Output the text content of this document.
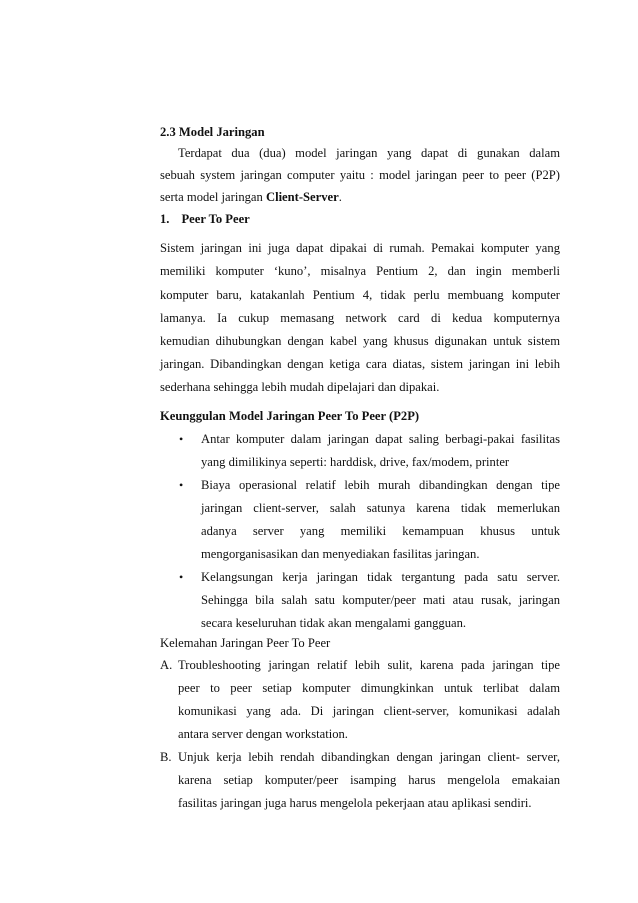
2.3 Model Jaringan
Terdapat dua (dua) model jaringan yang dapat di gunakan dalam
sebuah system jaringan computer yaitu : model jaringan peer to peer (P2P)
serta model jaringan Client-Server.
1. Peer To Peer
Sistem jaringan ini juga dapat dipakai di rumah. Pemakai komputer yang
memiliki komputer ‘kuno’, misalnya Pentium 2, dan ingin memberli
komputer baru, katakanlah Pentium 4, tidak perlu membuang komputer
lamanya. Ia cukup memasang network card di kedua komputernya
kemudian dihubungkan dengan kabel yang khusus digunakan untuk sistem
jaringan. Dibandingkan dengan ketiga cara diatas, sistem jaringan ini lebih
sederhana sehingga lebih mudah dipelajari dan dipakai.
Keunggulan Model Jaringan Peer To Peer (P2P)
•	Antar komputer dalam jaringan dapat saling berbagi-pakai fasilitas
yang dimilikinya seperti: harddisk, drive, fax/modem, printer
•	Biaya operasional relatif lebih murah dibandingkan dengan tipe
jaringan client-server, salah satunya karena tidak memerlukan
adanya server yang memiliki kemampuan khusus untuk
mengorganisasikan dan menyediakan fasilitas jaringan.
•	Kelangsungan kerja jaringan tidak tergantung pada satu server.
Sehingga bila salah satu komputer/peer mati atau rusak, jaringan
secara keseluruhan tidak akan mengalami gangguan.
Kelemahan Jaringan Peer To Peer
A. Troubleshooting jaringan relatif lebih sulit, karena pada jaringan tipe
peer to peer setiap komputer dimungkinkan untuk terlibat dalam
komunikasi yang ada. Di jaringan client-server, komunikasi adalah
antara server dengan workstation.
B. Unjuk kerja lebih rendah dibandingkan dengan jaringan client- server,
karena setiap komputer/peer isamping harus mengelola emakaian
fasilitas jaringan juga harus mengelola pekerjaan atau aplikasi sendiri.
